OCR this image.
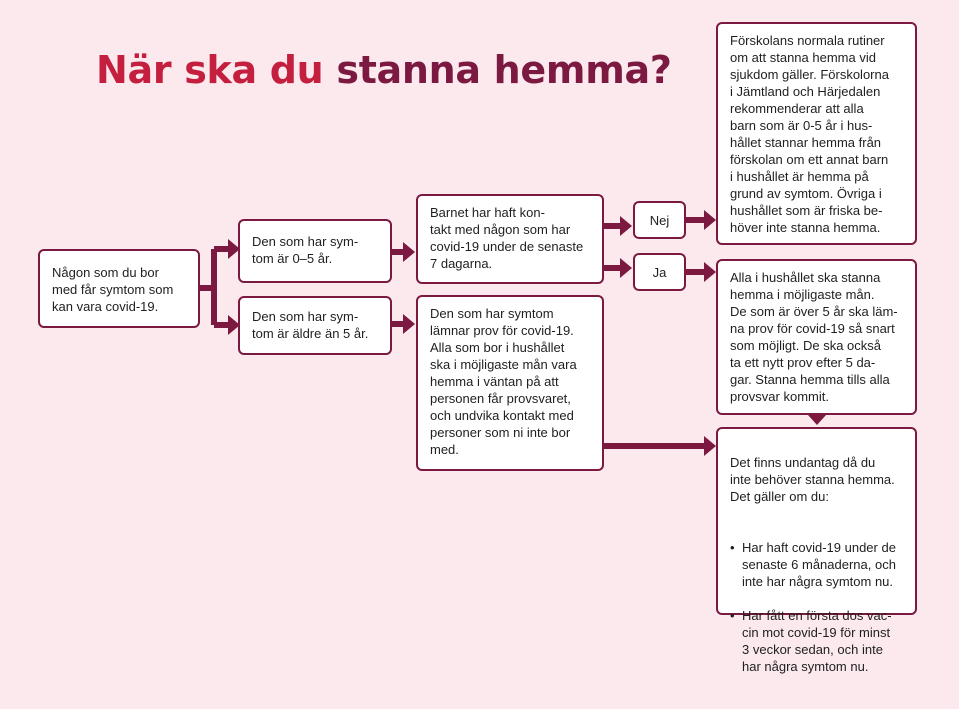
När ska du stanna hemma?
Någon som du bor
med får symtom som
kan vara covid-19.
Den som har sym-
tom är 0–5 år.
Den som har sym-
tom är äldre än 5 år.
Barnet har haft kon-
takt med någon som har
covid-19 under de senaste
7 dagarna.
Den som har symtom
lämnar prov för covid-19.
Alla som bor i hushållet
ska i möjligaste mån vara
hemma i väntan på att
personen får provsvaret,
och undvika kontakt med
personer som ni inte bor
med.
Nej
Ja
Förskolans normala rutiner
om att stanna hemma vid
sjukdom gäller. Förskolorna
i Jämtland och Härjedalen
rekommenderar att alla
barn som är 0-5 år i hus-
hållet stannar hemma från
förskolan om ett annat barn
i hushållet är hemma på
grund av symtom. Övriga i
hushållet som är friska be-
höver inte stanna hemma.
Alla i hushållet ska stanna
hemma i möjligaste mån.
De som är över 5 år ska läm-
na prov för covid-19 så snart
som möjligt. De ska också
ta ett nytt prov efter 5 da-
gar. Stanna hemma tills alla
provsvar kommit.

Det finns undantag då du
inte behöver stanna hemma.
Det gäller om du:

• Har haft covid-19 under de
senaste 6 månaderna, och
inte har några symtom nu.

• Har fått en första dos vac-
cin mot covid-19 för minst
3 veckor sedan, och inte
har några symtom nu.
